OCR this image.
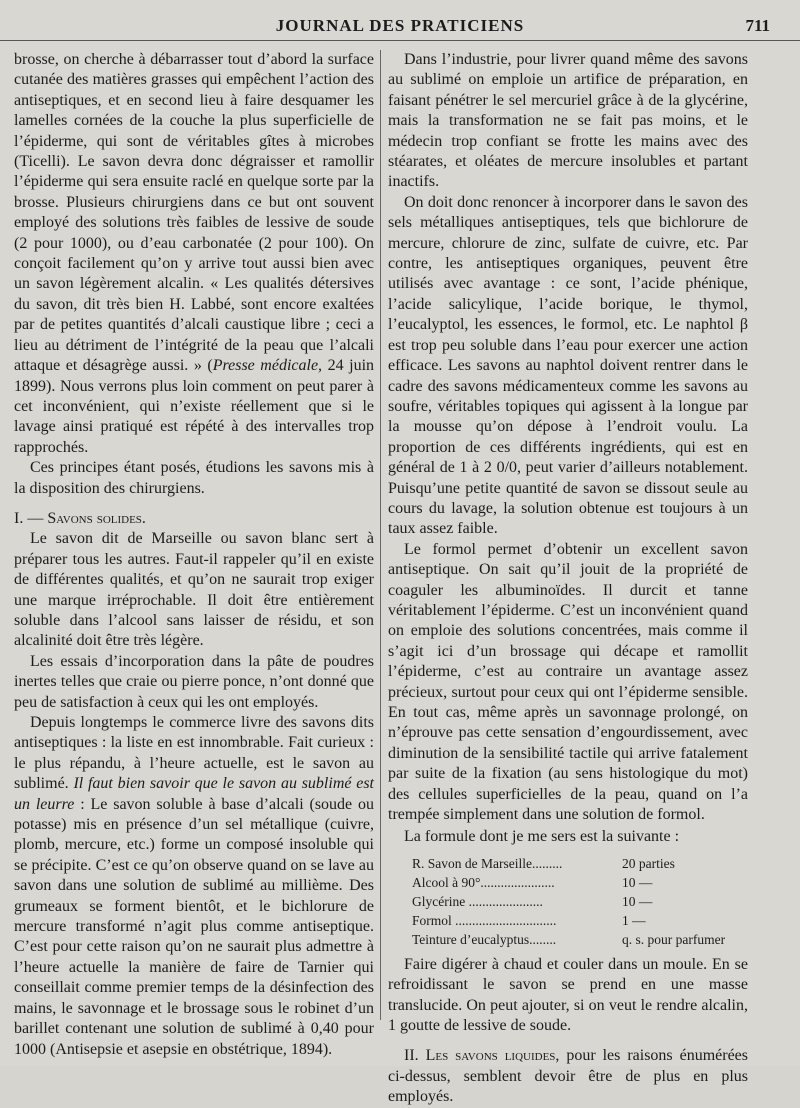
JOURNAL DES PRATICIENS	711

brosse, on cherche à débarrasser tout d’abord la surface cutanée des matières grasses qui empêchent l’action des antiseptiques, et en second lieu à faire desquamer les lamelles cornées de la couche la plus superficielle de l’épiderme, qui sont de véritables gîtes à microbes (Ticelli). Le savon devra donc dégraisser et ramollir l’épiderme qui sera ensuite raclé en quelque sorte par la brosse. Plusieurs chirurgiens dans ce but ont souvent employé des solutions très faibles de lessive de soude (2 pour 1000), ou d’eau carbonatée (2 pour 100). On conçoit facilement qu’on y arrive tout aussi bien avec un savon légèrement alcalin. « Les qualités détersives du savon, dit très bien H. Labbé, sont encore exaltées par de petites quantités d’alcali caustique libre ; ceci a lieu au détriment de l’intégrité de la peau que l’alcali attaque et désagrège aussi. » (Presse médicale, 24 juin 1899). Nous verrons plus loin comment on peut parer à cet inconvénient, qui n’existe réellement que si le lavage ainsi pratiqué est répété à des intervalles trop rapprochés.

Ces principes étant posés, étudions les savons mis à la disposition des chirurgiens.

I. — Savons solides.

Le savon dit de Marseille ou savon blanc sert à préparer tous les autres. Faut-il rappeler qu’il en existe de différentes qualités, et qu’on ne saurait trop exiger une marque irréprochable. Il doit être entièrement soluble dans l’alcool sans laisser de résidu, et son alcalinité doit être très légère.

Les essais d’incorporation dans la pâte de poudres inertes telles que craie ou pierre ponce, n’ont donné que peu de satisfaction à ceux qui les ont employés.

Depuis longtemps le commerce livre des savons dits antiseptiques : la liste en est innombrable. Fait curieux : le plus répandu, à l’heure actuelle, est le savon au sublimé. Il faut bien savoir que le savon au sublimé est un leurre : Le savon soluble à base d’alcali (soude ou potasse) mis en présence d’un sel métallique (cuivre, plomb, mercure, etc.) forme un composé insoluble qui se précipite. C’est ce qu’on observe quand on se lave au savon dans une solution de sublimé au millième. Des grumeaux se forment bientôt, et le bichlorure de mercure transformé n’agit plus comme antiseptique. C’est pour cette raison qu’on ne saurait plus admettre à l’heure actuelle la manière de faire de Tarnier qui conseillait comme premier temps de la désinfection des mains, le savonnage et le brossage sous le robinet d’un barillet contenant une solution de sublimé à 0,40 pour 1000 (Antisepsie et asepsie en obstétrique, 1894).

Dans l’industrie, pour livrer quand même des savons au sublimé on emploie un artifice de préparation, en faisant pénétrer le sel mercuriel grâce à de la glycérine, mais la transformation ne se fait pas moins, et le médecin trop confiant se frotte les mains avec des stéarates, et oléates de mercure insolubles et partant inactifs.

On doit donc renoncer à incorporer dans le savon des sels métalliques antiseptiques, tels que bichlorure de mercure, chlorure de zinc, sulfate de cuivre, etc. Par contre, les antiseptiques organiques, peuvent être utilisés avec avantage : ce sont, l’acide phénique, l’acide salicylique, l’acide borique, le thymol, l’eucalyptol, les essences, le formol, etc. Le naphtol β est trop peu soluble dans l’eau pour exercer une action efficace. Les savons au naphtol doivent rentrer dans le cadre des savons médicamenteux comme les savons au soufre, véritables topiques qui agissent à la longue par la mousse qu’on dépose à l’endroit voulu. La proportion de ces différents ingrédients, qui est en général de 1 à 2 0/0, peut varier d’ailleurs notablement. Puisqu’une petite quantité de savon se dissout seule au cours du lavage, la solution obtenue est toujours à un taux assez faible.

Le formol permet d’obtenir un excellent savon antiseptique. On sait qu’il jouit de la propriété de coaguler les albuminoïdes. Il durcit et tanne véritablement l’épiderme. C’est un inconvénient quand on emploie des solutions concentrées, mais comme il s’agit ici d’un brossage qui décape et ramollit l’épiderme, c’est au contraire un avantage assez précieux, surtout pour ceux qui ont l’épiderme sensible. En tout cas, même après un savonnage prolongé, on n’éprouve pas cette sensation d’engourdissement, avec diminution de la sensibilité tactile qui arrive fatalement par suite de la fixation (au sens histologique du mot) des cellules superficielles de la peau, quand on l’a trempée simplement dans une solution de formol.

La formule dont je me sers est la suivante :

R. Savon de Marseille.........	20 parties
Alcool à 90°......................	10 —
Glycérine ......................	10 —
Formol ..............................	1 —
Teinture d’eucalyptus........	q. s. pour parfumer

Faire digérer à chaud et couler dans un moule. En se refroidissant le savon se prend en une masse translucide. On peut ajouter, si on veut le rendre alcalin, 1 goutte de lessive de soude.

II. Les savons liquides, pour les raisons énumérées ci-dessus, semblent devoir être de plus en plus employés.
